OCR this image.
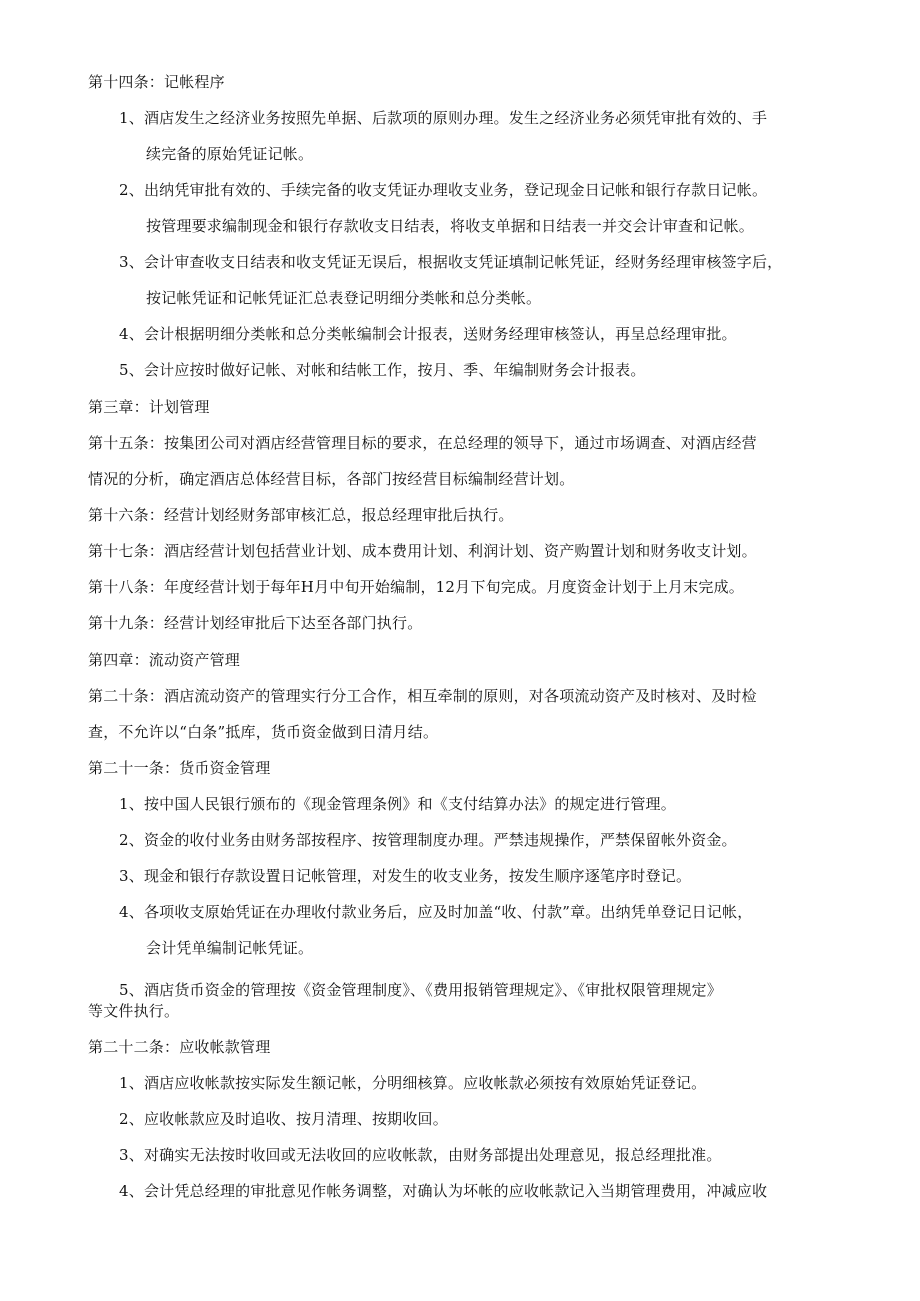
第十四条：记帐程序
1、酒店发生之经济业务按照先单据、后款项的原则办理。发生之经济业务必须凭审批有效的、手
续完备的原始凭证记帐。
2、出纳凭审批有效的、手续完备的收支凭证办理收支业务，登记现金日记帐和银行存款日记帐。
按管理要求编制现金和银行存款收支日结表，将收支单据和日结表一并交会计审查和记帐。
3、会计审查收支日结表和收支凭证无误后，根据收支凭证填制记帐凭证，经财务经理审核签字后，
按记帐凭证和记帐凭证汇总表登记明细分类帐和总分类帐。
4、会计根据明细分类帐和总分类帐编制会计报表，送财务经理审核签认，再呈总经理审批。
5、会计应按时做好记帐、对帐和结帐工作，按月、季、年编制财务会计报表。
第三章：计划管理
第十五条：按集团公司对酒店经营管理目标的要求，在总经理的领导下，通过市场调查、对酒店经营
情况的分析，确定酒店总体经营目标，各部门按经营目标编制经营计划。
第十六条：经营计划经财务部审核汇总，报总经理审批后执行。
第十七条：酒店经营计划包括营业计划、成本费用计划、利润计划、资产购置计划和财务收支计划。
第十八条：年度经营计划于每年H月中旬开始编制，12月下旬完成。月度资金计划于上月末完成。
第十九条：经营计划经审批后下达至各部门执行。
第四章：流动资产管理
第二十条：酒店流动资产的管理实行分工合作，相互牵制的原则，对各项流动资产及时核对、及时检
查，不允许以“白条”抵库，货币资金做到日清月结。
第二十一条：货币资金管理
1、按中国人民银行颁布的《现金管理条例》和《支付结算办法》的规定进行管理。
2、资金的收付业务由财务部按程序、按管理制度办理。严禁违规操作，严禁保留帐外资金。
3、现金和银行存款设置日记帐管理，对发生的收支业务，按发生顺序逐笔序时登记。
4、各项收支原始凭证在办理收付款业务后，应及时加盖“收、付款”章。出纳凭单登记日记帐，
会计凭单编制记帐凭证。
5、酒店货币资金的管理按《资金管理制度》、《费用报销管理规定》、《审批权限管理规定》
等文件执行。
第二十二条：应收帐款管理
1、酒店应收帐款按实际发生额记帐，分明细核算。应收帐款必须按有效原始凭证登记。
2、应收帐款应及时追收、按月清理、按期收回。
3、对确实无法按时收回或无法收回的应收帐款，由财务部提出处理意见，报总经理批准。
4、会计凭总经理的审批意见作帐务调整，对确认为坏帐的应收帐款记入当期管理费用，冲减应收
